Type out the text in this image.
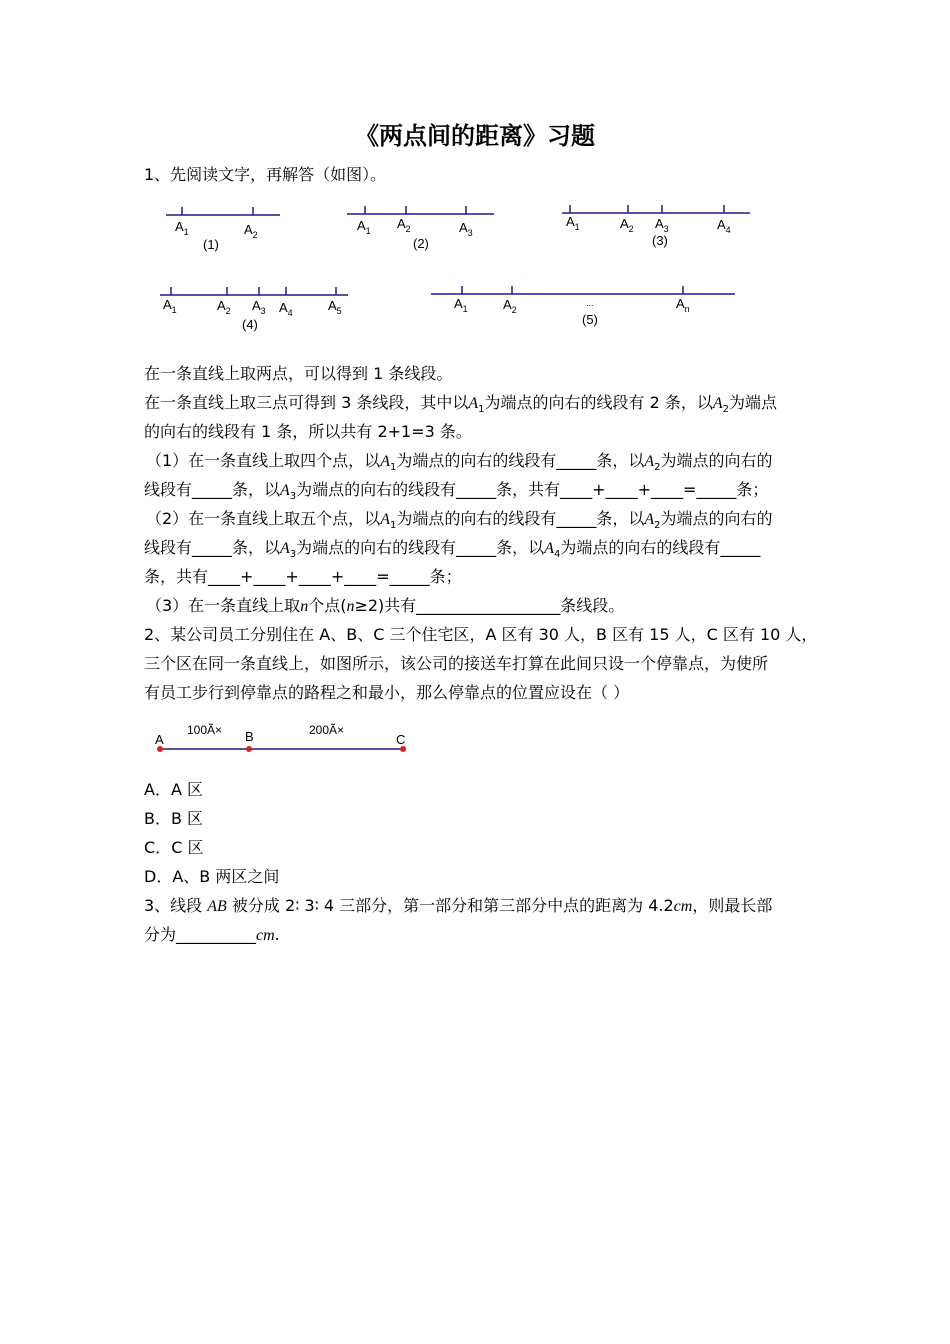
《两点间的距离》习题
1、先阅读文字，再解答（如图）。
$A_1$	$A_2$
(1)
$A_1$ $A_2$	$A_3$
(2)
$A_1$	$A_2$ $A_3$	$A_4$
(3)
$A_1$	$A_2$ $A_3$ $A_4$	$A_5$
(4)
$A_1$	$A_2$
...	$A_n$
(5)
在一条直线上取两点，可以得到 1 条线段。
在一条直线上取三点可得到 3 条线段，其中以$A_1$为端点的向右的线段有 2 条，以$A_2$为端点
的向右的线段有 1 条，所以共有 2+1=3 条。
（1）在一条直线上取四个点，以$A_1$为端点的向右的线段有_____条，以$A_2$为端点的向右的
线段有_____条，以$A_3$为端点的向右的线段有_____条，共有____+____+____=_____条；
（2）在一条直线上取五个点，以$A_1$为端点的向右的线段有_____条，以$A_2$为端点的向右的
线段有_____条，以$A_3$为端点的向右的线段有_____条，以$A_4$为端点的向右的线段有_____
条，共有____+____+____+____=_____条；
（3）在一条直线上取n个点(n≥2)共有__________________条线段。
2、某公司员工分别住在 A、B、C 三个住宅区，A 区有 30 人，B 区有 15 人，C 区有 10 人，
三个区在同一条直线上，如图所示，该公司的接送车打算在此间只设一个停靠点，为使所
有员工步行到停靠点的路程之和最小，那么停靠点的位置应设在（ ）
A	B	C
100Ã×	200Ã×
A．A 区
B．B 区
C．C 区
D．A、B 两区之间
3、线段 AB 被分成 2∶ 3∶ 4 三部分，第一部分和第三部分中点的距离为 4.2cm，则最长部
分为__________cm.
